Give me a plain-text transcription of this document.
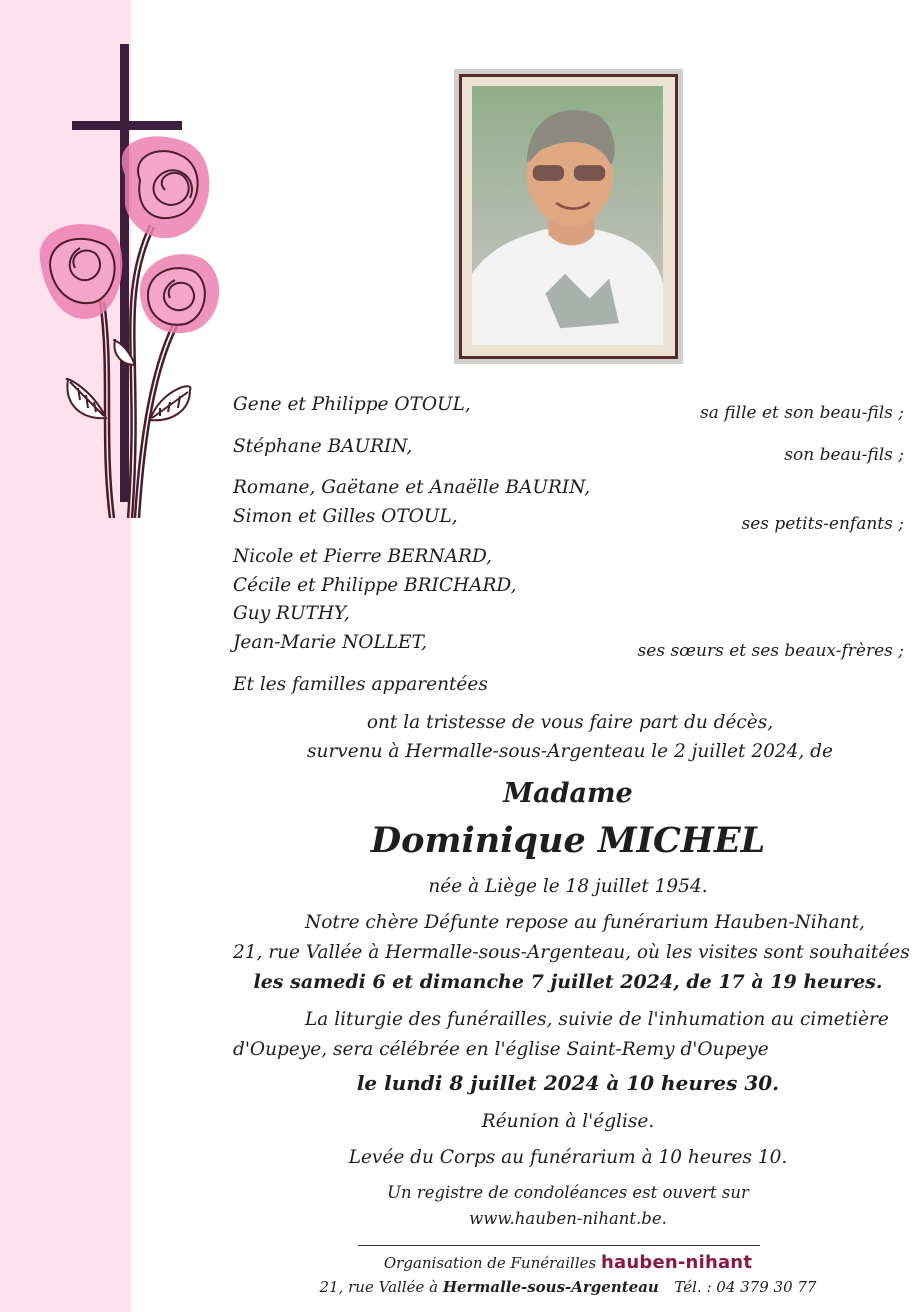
Gene et Philippe OTOUL,	sa fille et son beau-fils ;
Stéphane BAURIN,	son beau-fils ;
Romane, Gaëtane et Anaëlle BAURIN,
Simon et Gilles OTOUL,	ses petits-enfants ;
Nicole et Pierre BERNARD,
Cécile et Philippe BRICHARD,
Guy RUTHY,
Jean-Marie NOLLET,	ses sœurs et ses beaux-frères ;
Et les familles apparentées
ont la tristesse de vous faire part du décès,
survenu à Hermalle-sous-Argenteau le 2 juillet 2024, de
Madame
Dominique MICHEL
née à Liège le 18 juillet 1954.
Notre chère Défunte repose au funérarium Hauben-Nihant,
21, rue Vallée à Hermalle-sous-Argenteau, où les visites sont souhaitées
les samedi 6 et dimanche 7 juillet 2024, de 17 à 19 heures.
La liturgie des funérailles, suivie de l'inhumation au cimetière
d'Oupeye, sera célébrée en l'église Saint-Remy d'Oupeye
le lundi 8 juillet 2024 à 10 heures 30.
Réunion à l'église.
Levée du Corps au funérarium à 10 heures 10.
Un registre de condoléances est ouvert sur
www.hauben-nihant.be.
Organisation de Funérailles hauben-nihant
21, rue Vallée à Hermalle-sous-Argenteau Tél. : 04 379 30 77
